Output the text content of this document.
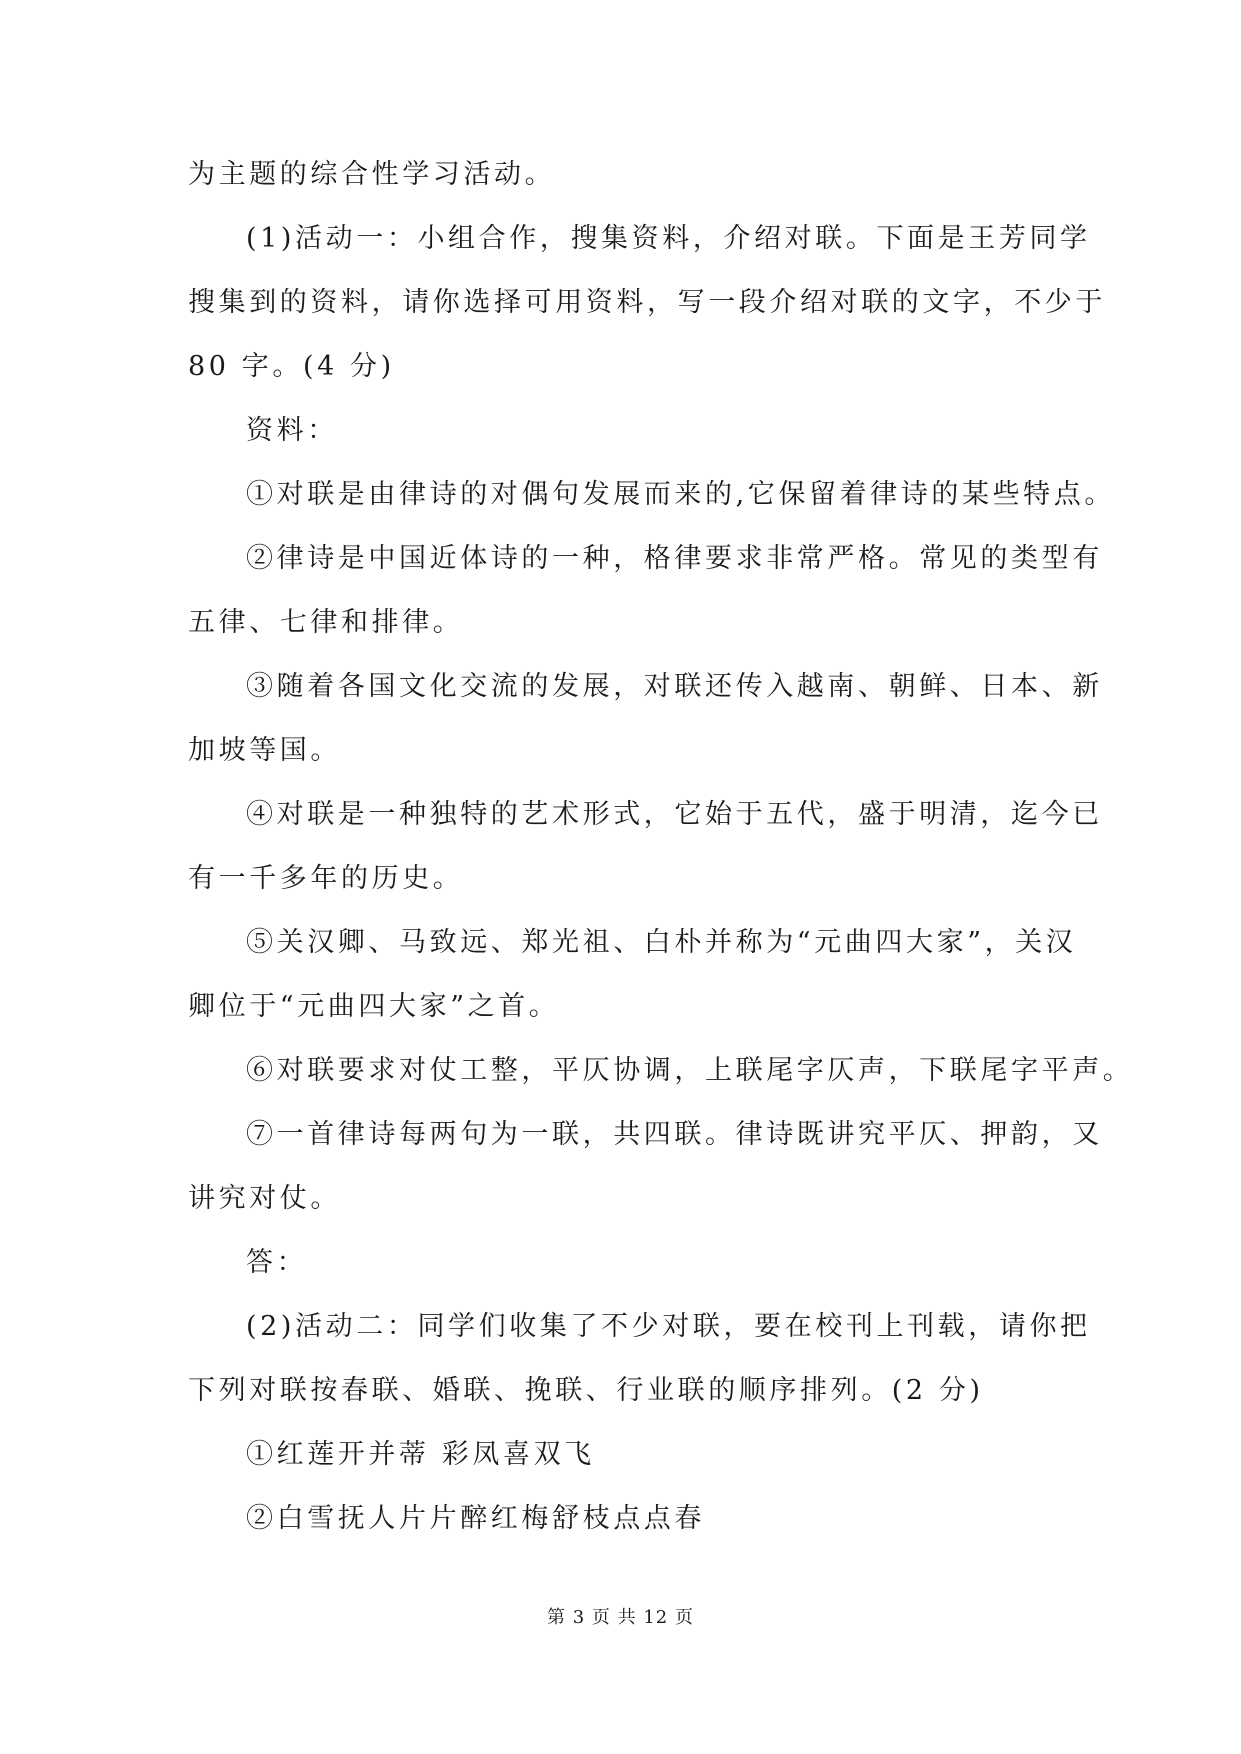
为主题的综合性学习活动。
(1)活动一：小组合作，搜集资料，介绍对联。下面是王芳同学
搜集到的资料，请你选择可用资料，写一段介绍对联的文字，不少于
80 字。(4 分)
资料：
①对联是由律诗的对偶句发展而来的,它保留着律诗的某些特点。
②律诗是中国近体诗的一种，格律要求非常严格。常见的类型有
五律、七律和排律。
③随着各国文化交流的发展，对联还传入越南、朝鲜、日本、新
加坡等国。
④对联是一种独特的艺术形式，它始于五代，盛于明清，迄今已
有一千多年的历史。
⑤关汉卿、马致远、郑光祖、白朴并称为“元曲四大家”，关汉
卿位于“元曲四大家”之首。
⑥对联要求对仗工整，平仄协调，上联尾字仄声，下联尾字平声。
⑦一首律诗每两句为一联，共四联。律诗既讲究平仄、押韵，又
讲究对仗。
答：
(2)活动二：同学们收集了不少对联，要在校刊上刊载，请你把
下列对联按春联、婚联、挽联、行业联的顺序排列。(2 分)
①红莲开并蒂 彩凤喜双飞
②白雪抚人片片醉红梅舒枝点点春
第 3 页 共 12 页
